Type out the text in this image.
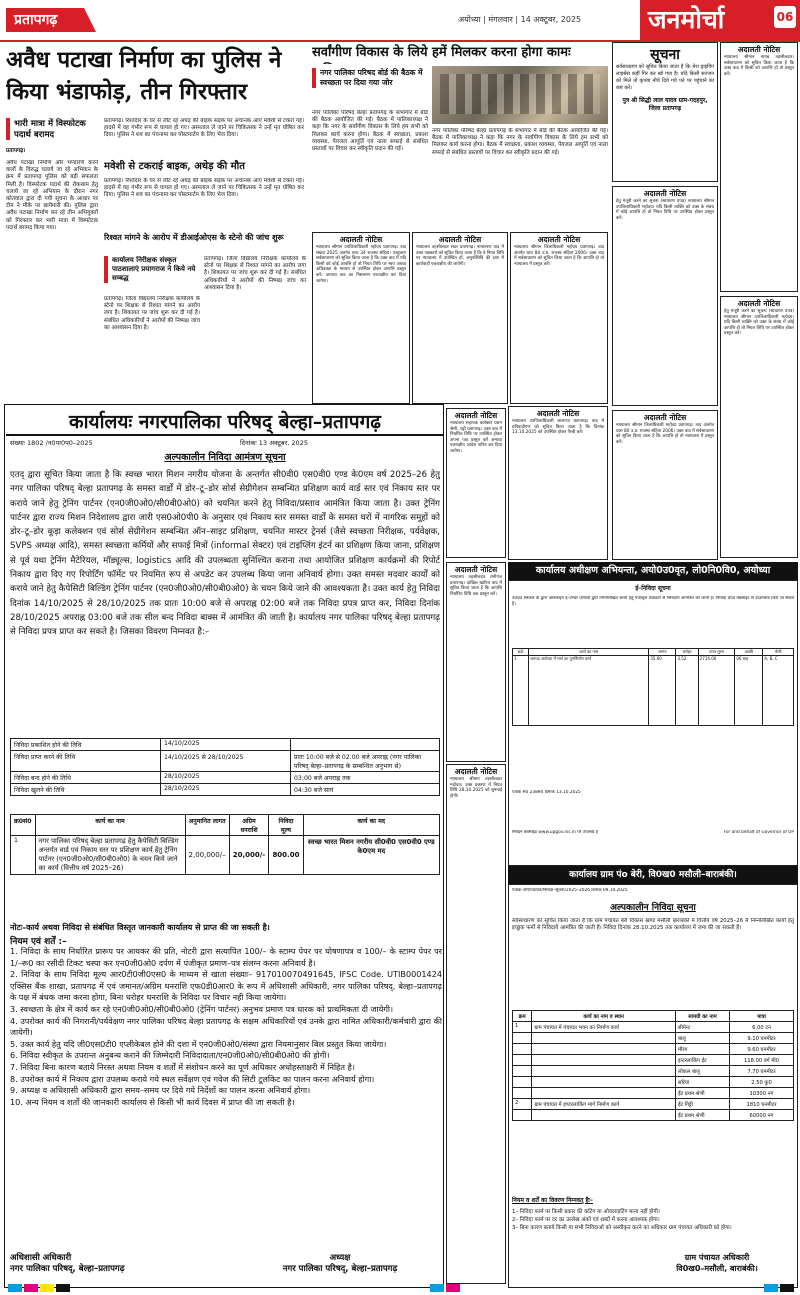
प्रतापगढ़	अयोध्या | मंगलवार | 14 अक्टूबर, 2025	जनमोर्चा	06
अवैध पटाखा निर्माण का पुलिस ने किया भंडाफोड़, तीन गिरफ्तार
भारी मात्रा में विस्फोटक पदार्थ बरामद
प्रतापगढ़।
अवैध पटाखा निर्माण और भण्डारण करने वालों के विरुद्ध चलाये जा रहे अभियान के क्रम में प्रतापगढ़ पुलिस को बड़ी सफलता मिली है। विस्फोटक पदार्थ की रोकथाम हेतु चलाये जा रहे अभियान के दौरान नगर कोतवाल द्वारा दी गयी सूचना के आधार पर टीम ने मौके पर छापेमारी की। पुलिस द्वारा अवैध पटाखा निर्माण कर रहे तीन अभियुक्तों को गिरफ्तार कर भारी मात्रा में विस्फोटक पदार्थ बरामद किया गया।
प्रतापगढ़। रिश्तेदार के घर से लौट रहे अधेड़ की बाइक सड़क पर अचानक आए मवेशी से टकरा गई। हादसे में वह गंभीर रूप से घायल हो गए। अस्पताल ले जाने पर चिकित्सक ने उन्हें मृत घोषित कर दिया। पुलिस ने शव का पंचनामा कर पोस्टमार्टम के लिए भेज दिया।
मवेशी से टकराई बाइक, अधेड़ की मौत
प्रतापगढ़। रिश्तेदार के घर से लौट रहे अधेड़ की बाइक सड़क पर अचानक आए मवेशी से टकरा गई। हादसे में वह गंभीर रूप से घायल हो गए। अस्पताल ले जाने पर चिकित्सक ने उन्हें मृत घोषित कर दिया। पुलिस ने शव का पंचनामा कर पोस्टमार्टम के लिए भेज दिया।
रिश्वत मांगने के आरोप में डीआईओएस के स्टेनो की जांच शुरू
कार्यालय निरीक्षक संस्कृत पाठशालाएं प्रयागराज ने किये नये सम्बद्ध
प्रतापगढ़। जिला विद्यालय निरीक्षक कार्यालय के स्टेनो पर शिक्षक से रिश्वत मांगने का आरोप लगा है। शिकायत पर जांच शुरू कर दी गई है। संबंधित अधिकारियों ने आरोपों की निष्पक्ष जांच का आश्वासन दिया है।
प्रतापगढ़। जिला विद्यालय निरीक्षक कार्यालय के स्टेनो पर शिक्षक से रिश्वत मांगने का आरोप लगा है। शिकायत पर जांच शुरू कर दी गई है। संबंधित अधिकारियों ने आरोपों की निष्पक्ष जांच का आश्वासन दिया है।
सर्वांगीण विकास के लिये हमें मिलकर करना होगा कामः
नगर पालिका परिषद बोर्ड की बैठक में स्वच्छता पर दिया गया जोर
नगर पालिका परिषद बेल्हा प्रतापगढ़ के सभागार में बोर्ड की बैठक आयोजित की गई। बैठक में पालिकाध्यक्ष ने कहा कि नगर के सर्वांगीण विकास के लिये हम सभी को मिलकर कार्य करना होगा। बैठक में स्वच्छता, प्रकाश व्यवस्था, पेयजल आपूर्ति एवं नाला सफाई से संबंधित प्रस्तावों पर विचार कर स्वीकृति प्रदान की गई।
नगर पालिका परिषद बेल्हा प्रतापगढ़ के सभागार में बोर्ड की बैठक आयोजित की गई। बैठक में पालिकाध्यक्ष ने कहा कि नगर के सर्वांगीण विकास के लिये हम सभी को मिलकर कार्य करना होगा। बैठक में स्वच्छता, प्रकाश व्यवस्था, पेयजल आपूर्ति एवं नाला सफाई से संबंधित प्रस्तावों पर विचार कर स्वीकृति प्रदान की गई।
अदालती नोटिस
न्यायालय श्रीमान उपजिलाधिकारी महोदय प्रतापगढ़। वाद संख्या 2025 अंतर्गत धारा 34 राजस्व संहिता। एतद्द्वारा सर्वसाधारण को सूचित किया जाता है कि उक्त वाद में यदि किसी को कोई आपत्ति हो तो नियत तिथि पर स्वयं अथवा अधिवक्ता के माध्यम से उपस्थित होकर आपत्ति प्रस्तुत करें। अन्यथा वाद का निस्तारण एकपक्षीय कर दिया जायेगा।
अदालती नोटिस
न्यायालय तहसीलदार सदर प्रतापगढ़। नामांतरण वाद में उक्त पक्षकारों को सूचित किया जाता है कि वे नियत तिथि पर न्यायालय में उपस्थित हों, अनुपस्थिति की दशा में कार्यवाही एकपक्षीय की जायेगी।
अदालती नोटिस
न्यायालय श्रीमान जिलाधिकारी महोदय प्रतापगढ़। वाद अंतर्गत धारा 80 उ.प्र. राजस्व संहिता 2006। उक्त वाद में सर्वसाधारण को सूचित किया जाता है कि आपत्ति हो तो न्यायालय में प्रस्तुत करें।
अदालती नोटिस
न्यायालय सहायक कलेक्टर प्रथम श्रेणी, पट्टी प्रतापगढ़। उक्त वाद में निर्धारित तिथि पर उपस्थित होकर अपना पक्ष प्रस्तुत करें अन्यथा एकपक्षीय आदेश पारित कर दिया जायेगा।
अदालती नोटिस
न्यायालय उपजिलाधिकारी लालगंज प्रतापगढ़। वाद में प्रतिवादीगण को सूचित किया जाता है कि दिनांक 13.10.2025 को उपस्थित होकर पैरवी करें।
अदालती नोटिस
न्यायालय तहसीलदार रानीगंज प्रतापगढ़। दाखिल खारिज वाद में सूचित किया जाता है कि आपत्ति निर्धारित तिथि तक प्रस्तुत करें।
अदालती नोटिस
न्यायालय श्रीमान तहसीलदार महोदय। उक्त प्रकरण में नियत तिथि 28.10.2025 को सुनवाई होगी।
सूचना
सर्वसाधारण को सूचित किया जाता है कि मेरा ड्राइविंग लाइसेंस कहीं गिर कर खो गया है। यदि किसी सज्जन को मिले तो कृपया नीचे दिये गये पते पर पहुंचाने का कष्ट करें।
पुत्र श्री सिद्धी लाल यादव ग्राम-गदहपुर, जिला प्रतापगढ़
अदालती नोटिस
हेतु मंजूरी करने का सूचना (साधारण प्रपत्र) न्यायालय श्रीमान उपजिलाधिकारी महोदय। यदि किसी व्यक्ति को उक्त के संबंध में कोई आपत्ति हो तो नियत तिथि पर उपस्थित होकर प्रस्तुत करें।
अदालती नोटिस
न्यायालय श्रीमान नायब तहसीलदार। सर्वसाधारण को सूचित किया जाता है कि उक्त वाद में किसी को आपत्ति हो तो प्रस्तुत करें।
अदालती नोटिस
हेतु मंजूरी करने का सूचना (साधारण प्रपत्र) न्यायालय श्रीमान उपजिलाधिकारी महोदय। यदि किसी व्यक्ति को उक्त के संबंध में कोई आपत्ति हो तो नियत तिथि पर उपस्थित होकर प्रस्तुत करें।
अदालती नोटिस
न्यायालय श्रीमान जिलाधिकारी महोदय प्रतापगढ़। वाद अंतर्गत धारा 80 उ.प्र. राजस्व संहिता 2006। उक्त वाद में सर्वसाधारण को सूचित किया जाता है कि आपत्ति हो तो न्यायालय में प्रस्तुत करें।
कार्यालयः नगरपालिका परिषद् बेल्हा–प्रतापगढ़
संख्याः 1802 /न0पा0प0–2025	दिनांकः 13 अक्टूबर, 2025
अल्पकालीन निविदा आमंत्रण सूचना
एतद् द्वारा सूचित किया जाता है कि स्वच्छ भारत मिशन नगरीय योजना के अन्तर्गत सी0वी0 एस0वी0 एण्ड के0एम वर्ष 2025–26 हेतु नगर पालिका परिषद् बेल्हा प्रतापगढ़ के समस्त वार्डों में डोर–टू–डोर सोर्स सेग्रीगेशन सम्बन्धित प्रशिक्षण कार्य वार्ड स्तर एवं निकाय स्तर पर कराये जाने हेतु ट्रेनिंग पार्टनर (एन0जी0ओ0/सी0बी0ओ0) को चयनित करने हेतु निविदा/प्रस्ताव आमंत्रित किया जाता है। उक्त ट्रेनिंग पार्टनर द्वारा राज्य मिशन निदेशालय द्वारा जारी एस0ओ0पी0 के अनुसार एवं निकाय स्तर समस्त वार्डों के समस्त घरों में नागरिक समूहों को डोर–टू–डोर कूड़ा कलेक्शन एवं सोर्स सेग्रीगेशन सम्बन्धित ऑन–साइट प्रशिक्षण, चयनित मास्टर ट्रेनर्स (जैसे स्वच्छता निरीक्षक, पर्यवेक्षक, SVPS अध्यक्ष आदि), समस्त स्वच्छता कर्मियों और सफाई मित्रों (informal सेक्टर) एवं टाइप्लिंग इंटर्न का प्रशिक्षण किया जाना, प्रशिक्षण से पूर्व यथा ट्रेनिंग मैटेरियल, मॉड्यूल्स, logistics आदि की उपलब्धता सुनिश्चित कराना तथा आयोजित प्रशिक्षण कार्यक्रमों की रिपोर्ट निकाय द्वारा दिए गए रिपोर्टिंग फॉर्मेट पर नियमित रूप से अपडेट कर उपलब्ध किया जाना अनिवार्य होगा। उक्त समस्त मदवार कार्यों को कराये जाने हेतु कैपेसिटी बिल्डिंग ट्रेनिंग पार्टनर (एन0जी0ओ0/सी0बी0ओ0) के चयन किये जाने की आवश्यकता है। उक्त कार्य हेतु निविदा दिनांक 14/10/2025 से 28/10/2025 तक प्रातः 10:00 बजे से अपराह्न 02:00 बजे तक निविदा प्रपत्र प्राप्त कर, निविदा दिनांक 28/10/2025 अपराह्न 03:00 बजे तक सील बन्द निविदा बाक्स में आमंत्रित की जाती है। कार्यालय नगर पालिका परिषद् बेल्हा प्रतापगढ़ से निविदा प्रपत्र प्राप्त कर सकते है। जिसका विवरण निम्नवत है:–
निविदा प्रकाशित होने की तिथि	14/10/2025	
निविदा प्राप्त करने की तिथि	14/10/2025 से 28/10/2025	प्रातः 10:00 बजे से 02.00 बजे अपराह्न (नगर पालिका परिषद् बेल्हा–प्रतापगढ़ के सम्बन्धित अनुभाग से)
निविदा बन्द होने की तिथि	28/10/2025	03:00 बजे अपराह्न तक
निविदा खुलने की तिथि	28/10/2025	04:30 बजे सायं
क्र0सं0	कार्य का नाम	अनुमानित लागत	अग्रिम धनराशि	निविदा मूल्य	कार्य का मद
1	नगर पालिका परिषद् बेल्हा प्रतापगढ़ हेतु कैपेसिटी बिल्डिंग अन्तर्गत वार्ड एवं निकाय स्तर पर प्रशिक्षण कार्य हेतु ट्रेनिंग पार्टनर (एन0जी0ओ0/सी0बी0ओ0) के चयन किये जाने का कार्य (वित्तीय वर्ष 2025–26)	2,00,000/–	20,000/-	800.00	स्वच्छ भारत मिशन नगरीय सी0वी0 एस0वी0 एण्ड के0एम मद
नोटः–कार्य अथवा निविदा से संबंधित विस्तृत जानकारी कार्यालय से प्राप्त की जा सकती है।
नियम एवं शर्तें :–
1. निविदा के साथ निर्धारित प्रारूप पर आयकर की प्रति, नोटरी द्वारा सत्यापित 100/– के स्टाम्प पेपर पर घोषणापत्र व 100/– के स्टाम्प पेपर पर 1/–रू0 का रसीदी टिकट चस्पा कर एन0जी0ओ0 दर्पण में पंजीकृत प्रमाण–पत्र संलग्न करना अनिवार्य है।
2. निविदा के साथ निविदा मूल्य आर0टी0जी0एस0 के माध्यम से खाता संख्याः– 917010070491645, IFSC Code. UTIB0001424 एक्सिस बैंक शाखा, प्रतापगढ़ में एवं जमानत/अग्रिम धनराशि एफ0डी0आर0 के रूप में अधिशासी अधिकारी, नगर पालिका परिषद्, बेल्हा–प्रतापगढ़ के पक्ष में बंधक जमा करना होगा, बिना धरोहर धनराशि के निविदा पर विचार नही किया जायेगा।
3. स्वच्छता के क्षेत्र में कार्य कर रहे एन0जी0ओ0/सी0बी0ओ0 (ट्रेनिंग पार्टनर) अनुभव प्रमाण पत्र धारक को प्राथमिकता दी जायेगी।
4. उपरोक्त कार्य की निगरानी/पर्यवेक्षण नगर पालिका परिषद बेल्हा प्रतापगढ़ के सक्षम अधिकारियों एवं उनके द्वारा नामित अधिकारी/कर्मचारी द्वारा की जायेगी।
5. उक्त कार्य हेतु यदि जी0एस0टी0 एप्लीकेबल होने की दशा में एन0जी0ओ0/संस्था द्वारा नियमानुसार बिल प्रस्तुत किया जायेगा।
6. निविदा स्वीकृत के उपरान्त अनुबन्ध कराने की जिम्मेदारी निविदादाता/एन0जी0ओ0/सी0बी0ओ0 की होगी।
7. निविदा बिना कारण बताये निरस्त अथवा नियम व शर्तों में संशोधन करने का पूर्ण अधिकार अधोहस्ताक्षरी में निहित है।
8. उपरोक्त कार्य में निकाय द्वारा उपलब्ध कराये गये स्थल सर्वेक्षण एवं गवेज की सिटी टूलकिट का पालन करना अनिवार्य होगा।
9. अध्यक्ष व अधिशासी अधिकारी द्वारा समय–समय पर दिये गये निर्देशों का पालन करना अनिवार्य होगा।
10. अन्य नियम व शर्तों की जानकारी कार्यालय से किसी भी कार्य दिवस में प्राप्त की जा सकती है।
अधिशासी अधिकारी
नगर पालिका परिषद्, बेल्हा–प्रतापगढ़
अध्यक्ष
नगर पालिका परिषद्, बेल्हा–प्रतापगढ़
कार्यालय अधीक्षण अभियन्ता, अयो0उ0वृत, लो0नि0वि0, अयोध्या
ई–निविदा सूचना
उ0प्र0 सरकार के द्वारा ऑनलाइन ई–टेण्डर प्रणाली द्वारा निम्नलिखित कार्यों हेतु पंजीकृत ठेकेदारों से निविदायें आमंत्रित की जाती हैं। निविदा प्रपत्र वेबसाइट से डाउनलोड किये जा सकते हैं।
क्र0	कार्य का नाम	लागत	धरोहर	प्रपत्र मूल्य	अवधि	श्रेणी
1	जनपद अयोध्या में मार्ग का पुनर्निर्माण कार्य	35.00	3.52	2714.00	06 माह	A, B, C
पत्रांक सं0 23894 दिनांक 13.10.2025
निवेदन वेबसाइट www.upgov.nic.in पर उपलब्ध है	For and behalf of Governor of UP
कार्यालय ग्राम पंo बेरी, वि0ख0 मसौली–बाराबंकी।
पत्रांक–बेरी/पंचायत/निविदा–सूचना/2025–2026 दिनांक 09.10.2025
अल्पकालीन निविदा सूचना
सर्वसाधारण को सूचित किया जाता है कि ग्राम पंचायत बेरी विकास खण्ड मसौली बाराबंकी में वित्तीय वर्ष 2025–26 में निम्नलिखित कार्यों हेतु इच्छुक फर्मों से निविदायें आमंत्रित की जाती हैं। निविदा दिनांक 28.10.2025 तक कार्यालय में जमा की जा सकती हैं।
क्रम	कार्य का नाम व स्थान	सामग्री का नाम	मात्रा
1	ग्राम पंचायत में पंचायत भवन का निर्माण कार्य	सीमेन्ट	6.00 टन
		बालू	9.10 घनमीटर
		मौरंग	9.60 घनमीटर
		इन्टरलाकिंग ईंट	118.00 वर्ग मी0
		लोकल बालू	7.70 घनमीटर
		सरिया	2.50 कु0
		ईंट प्रथम श्रेणी	10300 नग
2	ग्राम पंचायत में इण्टरलाकिंग मार्ग निर्माण कार्य	ईंट गिट्टी	1810 घनमीटर
		ईंट प्रथम श्रेणी	60000 नग
नियम व शर्तें का विवरण निम्नवत् हैः–
1– निविदा फार्म पर किसी प्रकार की कटिंग या ओवरराइटिंग मान्य नहीं होगी।
2– निविदा फार्म पर दर का उल्लेख अंकों एवं शब्दों में करना आवश्यक होगा।
3– बिना कारण बताये किसी या सभी निविदाओं को अस्वीकृत करने का अधिकार ग्राम पंचायत अधिकारी को होगा।
ग्राम पंचायत अधिकारी
वि0ख0–मसौली, बाराबंकी।
